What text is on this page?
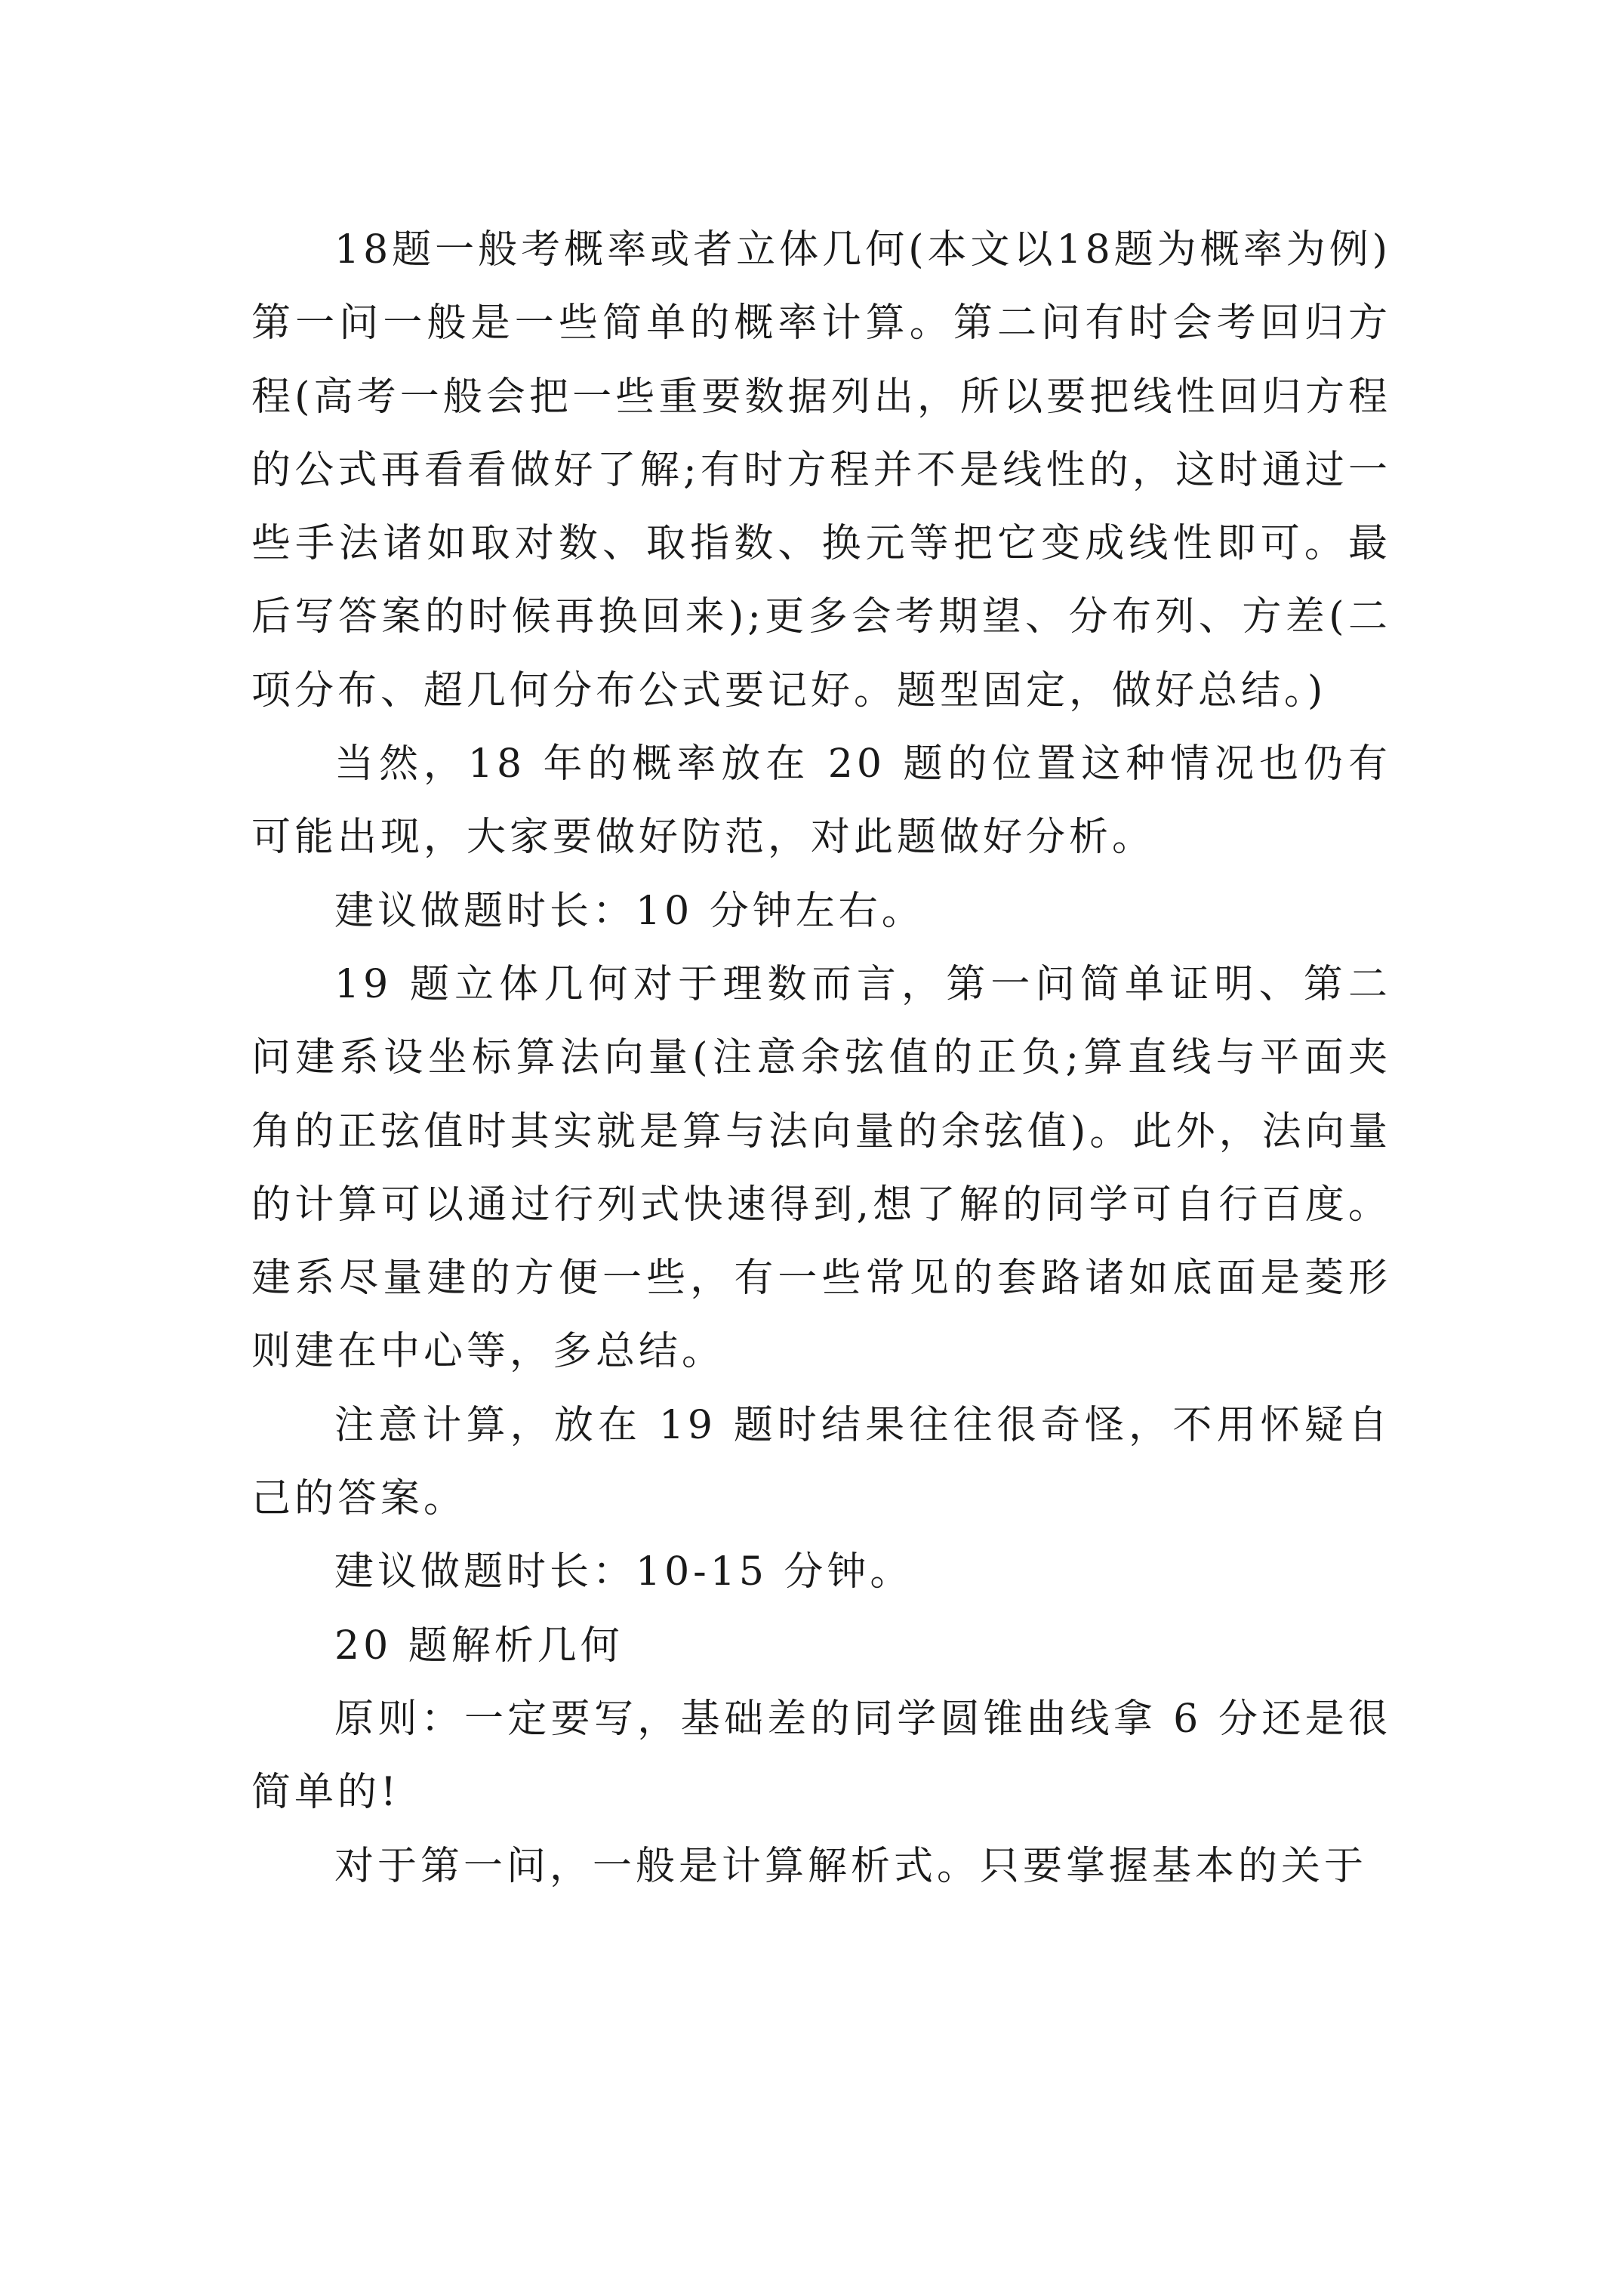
18题一般考概率或者立体几何(本文以18题为概率为例)第一问一般是一些简单的概率计算。第二问有时会考回归方程(高考一般会把一些重要数据列出，所以要把线性回归方程的公式再看看做好了解;有时方程并不是线性的，这时通过一些手法诸如取对数、取指数、换元等把它变成线性即可。最后写答案的时候再换回来);更多会考期望、分布列、方差(二项分布、超几何分布公式要记好。题型固定，做好总结。)

当然，18 年的概率放在 20 题的位置这种情况也仍有可能出现，大家要做好防范，对此题做好分析。

建议做题时长：10 分钟左右。

19 题立体几何对于理数而言，第一问简单证明、第二问建系设坐标算法向量(注意余弦值的正负;算直线与平面夹角的正弦值时其实就是算与法向量的余弦值)。此外，法向量的计算可以通过行列式快速得到,想了解的同学可自行百度。建系尽量建的方便一些，有一些常见的套路诸如底面是菱形则建在中心等，多总结。

注意计算，放在 19 题时结果往往很奇怪，不用怀疑自己的答案。

建议做题时长：10-15 分钟。

20 题解析几何

原则：一定要写，基础差的同学圆锥曲线拿 6 分还是很简单的!

对于第一问，一般是计算解析式。只要掌握基本的关于
